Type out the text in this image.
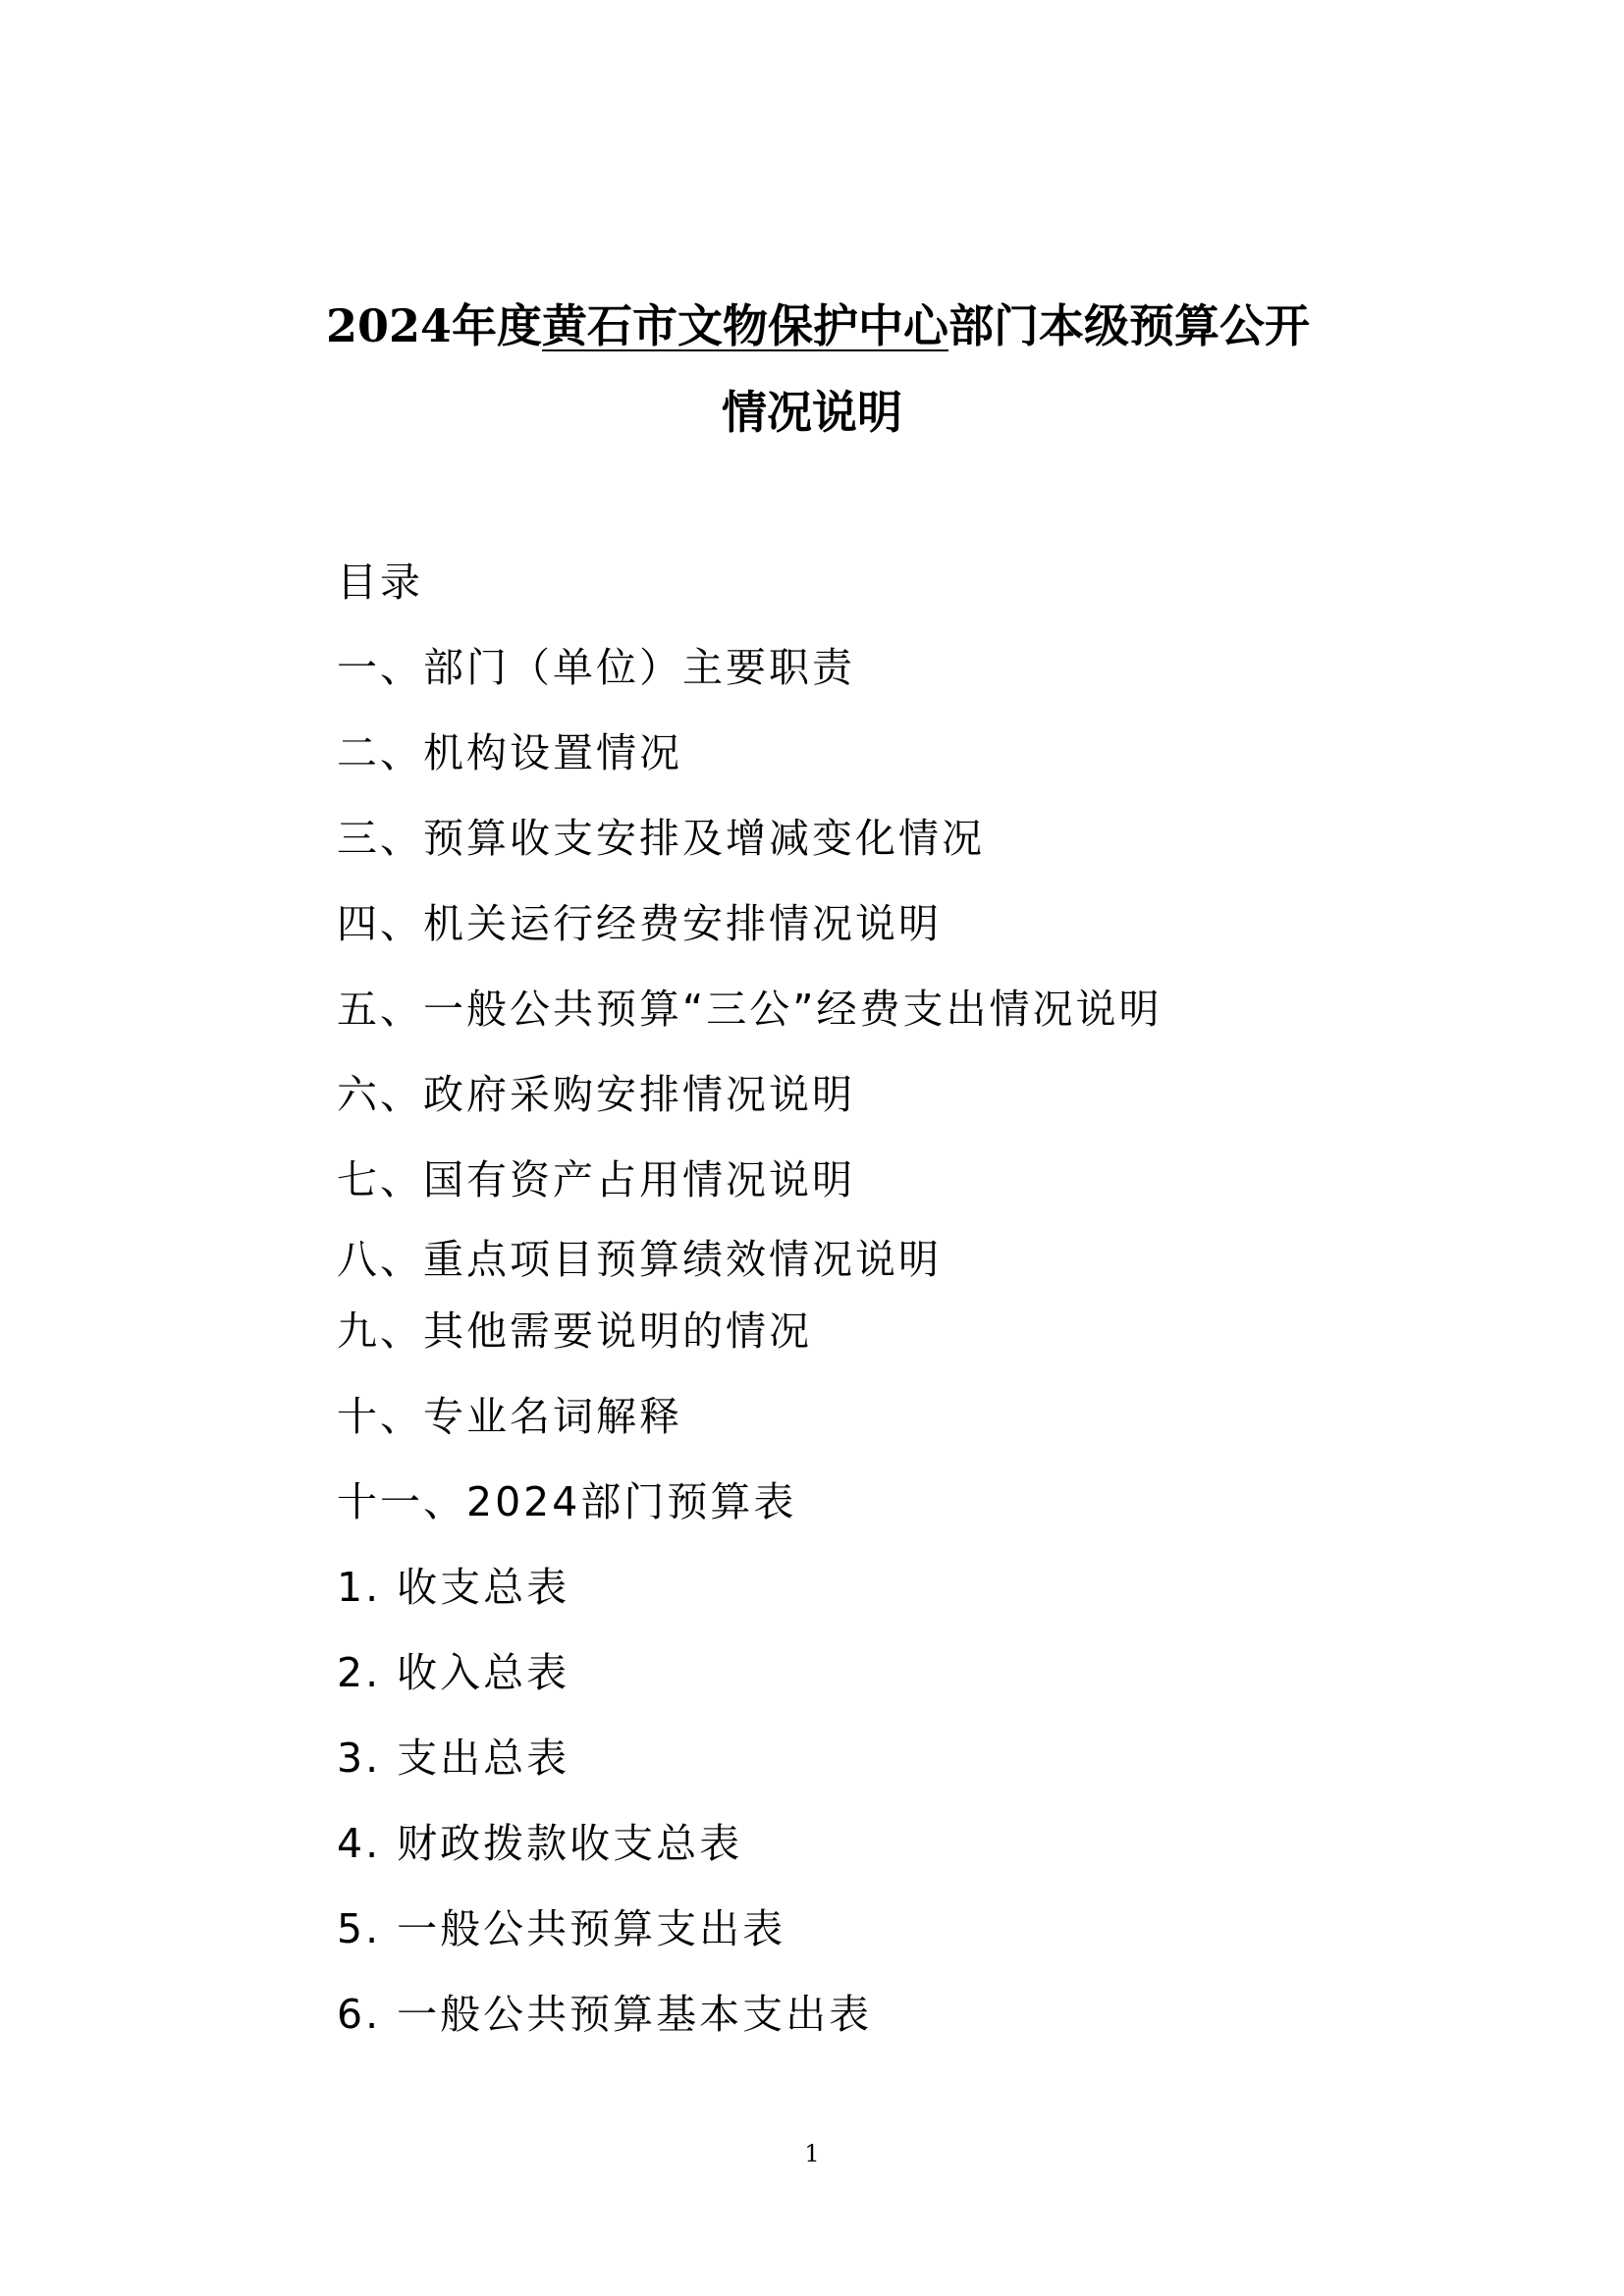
2024年度黄石市文物保护中心部门本级预算公开
情况说明
目录
一、部门（单位）主要职责
二、机构设置情况
三、预算收支安排及增减变化情况
四、机关运行经费安排情况说明
五、一般公共预算“三公”经费支出情况说明
六、政府采购安排情况说明
七、国有资产占用情况说明
八、重点项目预算绩效情况说明
九、其他需要说明的情况
十、专业名词解释
十一、2024部门预算表
1. 收支总表
2. 收入总表
3. 支出总表
4. 财政拨款收支总表
5. 一般公共预算支出表
6. 一般公共预算基本支出表
1
